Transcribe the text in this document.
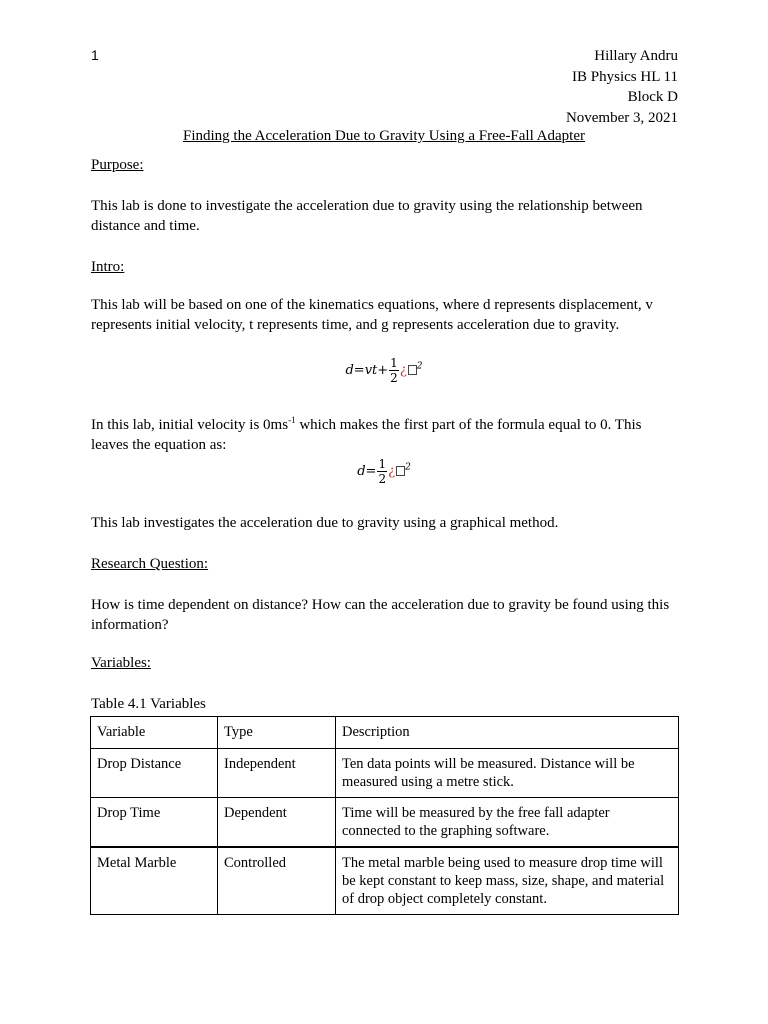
1	Hillary Andru
IB Physics HL 11
Block D
November 3, 2021
Finding the Acceleration Due to Gravity Using a Free-Fall Adapter
Purpose:
This lab is done to investigate the acceleration due to gravity using the relationship between distance and time.
Intro:
This lab will be based on one of the kinematics equations, where d represents displacement, v represents initial velocity, t represents time, and g represents acceleration due to gravity.
$d=vt+ \frac{1}{2}$ ¿ $^2$
In this lab, initial velocity is $0ms^{-1}$ which makes the first part of the formula equal to 0. This leaves the equation as:
$d= \frac{1}{2}$ ¿ $^2$
This lab investigates the acceleration due to gravity using a graphical method.
Research Question:
How is time dependent on distance? How can the acceleration due to gravity be found using this information?
Variables:
Table 4.1 Variables
Variable	Type	Description
Drop Distance	Independent	Ten data points will be measured. Distance will be measured using a metre stick.
Drop Time	Dependent	Time will be measured by the free fall adapter connected to the graphing software.
Metal Marble	Controlled	The metal marble being used to measure drop time will be kept constant to keep mass, size, shape, and material of drop object completely constant.
